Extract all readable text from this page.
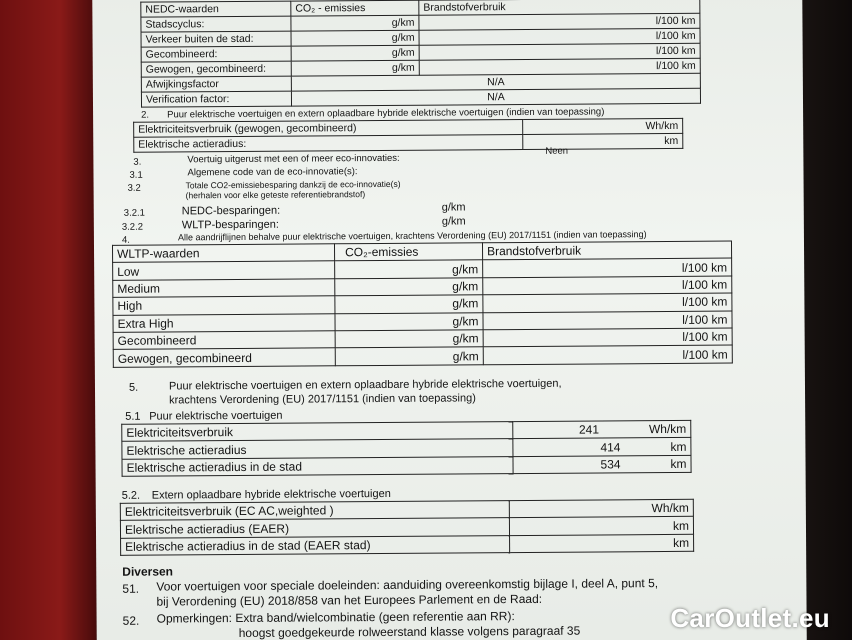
NEDC-waarden	CO₂ - emissies	Brandstofverbruik
Stadscyclus:	g/km	l/100 km
Verkeer buiten de stad:	g/km	l/100 km
Gecombineerd:	g/km	l/100 km
Gewogen, gecombineerd:	g/km	l/100 km
Afwijkingsfactor	N/A	
Verification factor:	N/A	
2. Puur elektrische voertuigen en extern oplaadbare hybride elektrische voertuigen (indien van toepassing)
Elektriciteitsverbruik (gewogen, gecombineerd)	Wh/km
Elektrische actieradius:	km
3.	Voertuig uitgerust met een of meer eco-innovaties:
Neen
3.1	Algemene code van de eco-innovatie(s):
3.2	Totale CO2-emissiebesparing dankzij de eco-innovatie(s)
(herhalen voor elke geteste referentiebrandstof)
3.2.1	NEDC-besparingen:	g/km
3.2.2	WLTP-besparingen:	g/km
4.	Alle aandrijflijnen behalve puur elektrische voertuigen, krachtens Verordening (EU) 2017/1151 (indien van toepassing)
WLTP-waarden	CO₂-emissies	Brandstofverbruik
Low	g/km	l/100 km
Medium	g/km	l/100 km
High	g/km	l/100 km
Extra High	g/km	l/100 km
Gecombineerd	g/km	l/100 km
Gewogen, gecombineerd	g/km	l/100 km
5.	Puur elektrische voertuigen en extern oplaadbare hybride elektrische voertuigen,
krachtens Verordening (EU) 2017/1151 (indien van toepassing)
5.1 Puur elektrische voertuigen
Elektriciteitsverbruik	241 Wh/km
Elektrische actieradius	414 km
Elektrische actieradius in de stad	534 km
5.2. Extern oplaadbare hybride elektrische voertuigen
Elektriciteitsverbruik (EC AC,weighted )	Wh/km
Elektrische actieradius (EAER)	km
Elektrische actieradius in de stad (EAER stad)	km
Diversen
51. Voor voertuigen voor speciale doeleinden: aanduiding overeenkomstig bijlage I, deel A, punt 5,
bij Verordening (EU) 2018/858 van het Europees Parlement en de Raad:
52. Opmerkingen: Extra band/wielcombinatie (geen referentie aan RR):
hoogst goedgekeurde rolweerstand klasse volgens paragraaf 35	CarOutlet.eu
